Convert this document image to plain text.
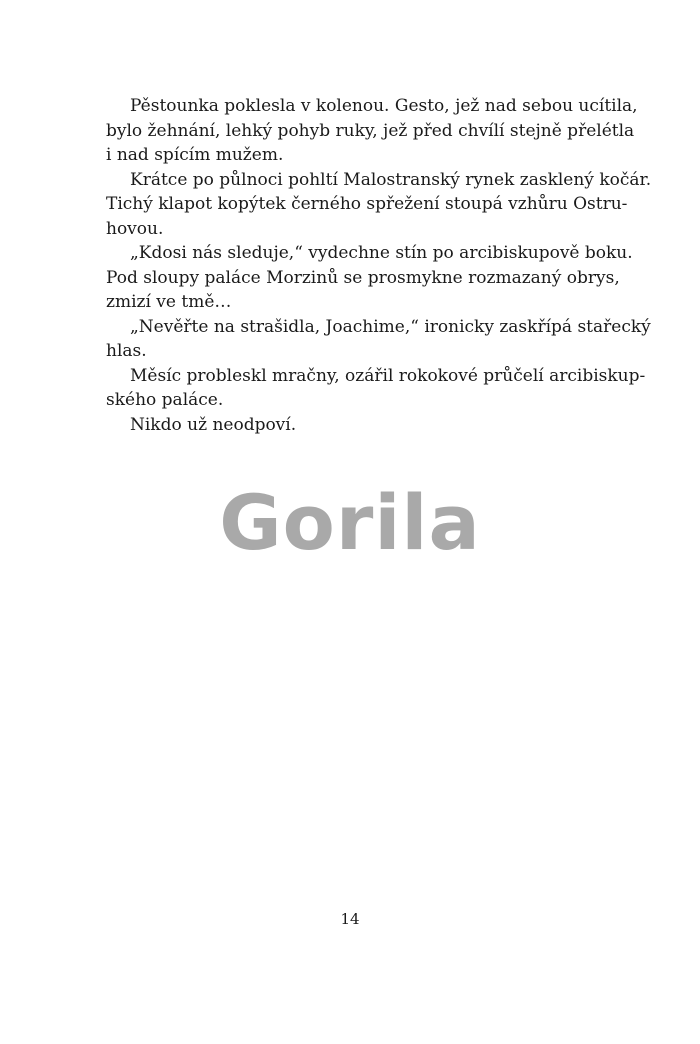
Pěstounka poklesla v kolenou. Gesto, jež nad sebou ucítila,
bylo žehnání, lehký pohyb ruky, jež před chvílí stejně přelétla
i nad spícím mužem.
Krátce po půlnoci pohltí Malostranský rynek zasklený kočár.
Tichý klapot kopýtek černého spřežení stoupá vzhůru Ostru-
hovou.
„Kdosi nás sleduje,“ vydechne stín po arcibiskupově boku.
Pod sloupy paláce Morzinů se prosmykne rozmazaný obrys,
zmizí ve tmě…
„Nevěřte na strašidla, Joachime,“ ironicky zaskřípá stařecký
hlas.
Měsíc probleskl mračny, ozářil rokokové průčelí arcibiskup-
ského paláce.
Nikdo už neodpoví.
Gorila
14
